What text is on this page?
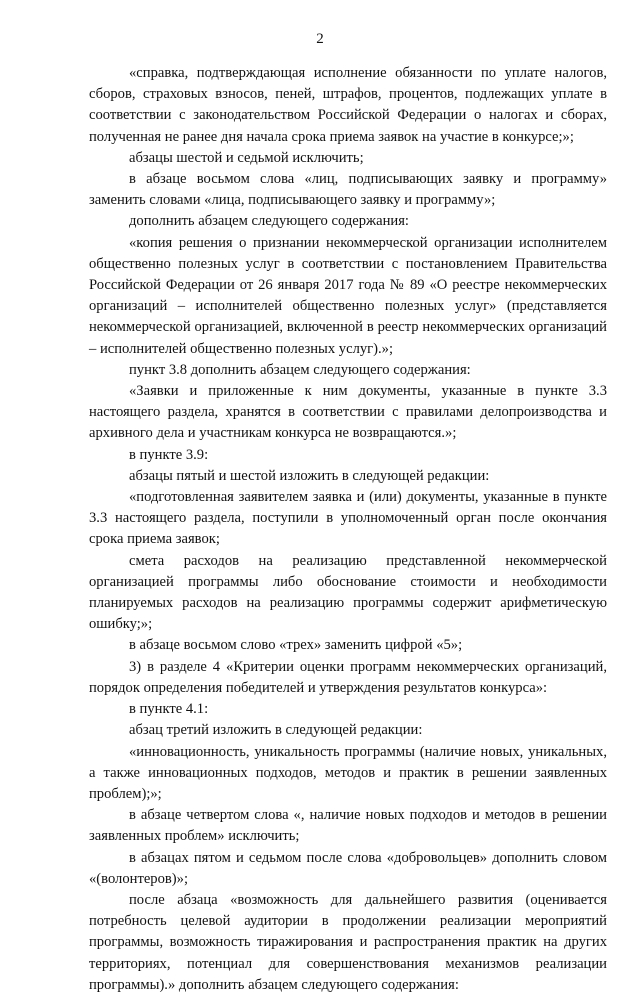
2

«справка, подтверждающая исполнение обязанности по уплате налогов, сборов, страховых взносов, пеней, штрафов, процентов, подлежащих уплате в соответствии с законодательством Российской Федерации о налогах и сборах, полученная не ранее дня начала срока приема заявок на участие в конкурсе;»;

абзацы шестой и седьмой исключить;

в абзаце восьмом слова «лиц, подписывающих заявку и программу» заменить словами «лица, подписывающего заявку и программу»;

дополнить абзацем следующего содержания:

«копия решения о признании некоммерческой организации исполнителем общественно полезных услуг в соответствии с постановлением Правительства Российской Федерации от 26 января 2017 года № 89 «О реестре некоммерческих организаций – исполнителей общественно полезных услуг» (представляется некоммерческой организацией, включенной в реестр некоммерческих организаций – исполнителей общественно полезных услуг).»;

пункт 3.8 дополнить абзацем следующего содержания:

«Заявки и приложенные к ним документы, указанные в пункте 3.3 настоящего раздела, хранятся в соответствии с правилами делопроизводства и архивного дела и участникам конкурса не возвращаются.»;

в пункте 3.9:

абзацы пятый и шестой изложить в следующей редакции:

«подготовленная заявителем заявка и (или) документы, указанные в пункте 3.3 настоящего раздела, поступили в уполномоченный орган после окончания срока приема заявок;

смета расходов на реализацию представленной некоммерческой организацией программы либо обоснование стоимости и необходимости планируемых расходов на реализацию программы содержит арифметическую ошибку;»;

в абзаце восьмом слово «трех» заменить цифрой «5»;

3) в разделе 4 «Критерии оценки программ некоммерческих организаций, порядок определения победителей и утверждения результатов конкурса»:

в пункте 4.1:

абзац третий изложить в следующей редакции:

«инновационность, уникальность программы (наличие новых, уникальных, а также инновационных подходов, методов и практик в решении заявленных проблем);»;

в абзаце четвертом слова «, наличие новых подходов и методов в решении заявленных проблем» исключить;

в абзацах пятом и седьмом после слова «добровольцев» дополнить словом «(волонтеров)»;

после абзаца «возможность для дальнейшего развития (оценивается потребность целевой аудитории в продолжении реализации мероприятий программы, возможность тиражирования и распространения практик на других территориях, потенциал для совершенствования механизмов реализации программы).» дополнить абзацем следующего содержания:
